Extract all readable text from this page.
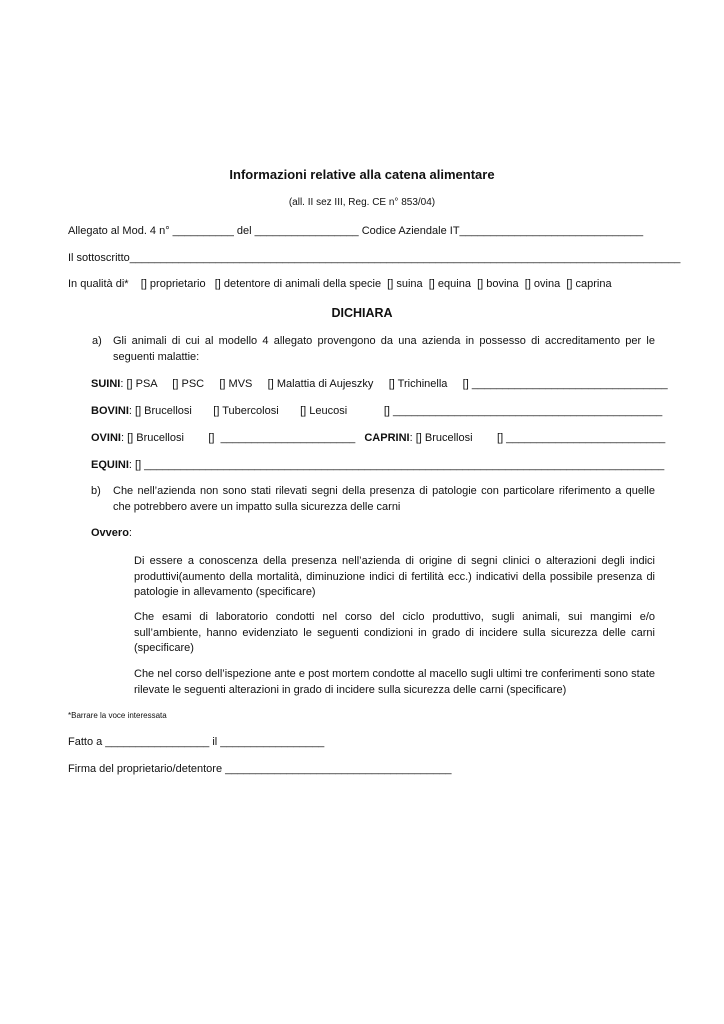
Informazioni relative alla catena alimentare
(all. II sez III, Reg. CE n° 853/04)
Allegato al Mod. 4 n° __________ del _________________ Codice Aziendale IT______________________________
Il sottoscritto__________________________________________________________________________________________
In qualità di*    [] proprietario   [] detentore di animali della specie  [] suina  [] equina  [] bovina  [] ovina  [] caprina
DICHIARA
a) Gli animali di cui al modello 4 allegato provengono da una azienda in possesso di accreditamento per le seguenti malattie:
SUINI: [] PSA     [] PSC     [] MVS     [] Malattia di Aujeszky     [] Trichinella     [] ________________________________
BOVINI: [] Brucellosi       [] Tubercolosi       [] Leucosi            [] ____________________________________________
OVINI: [] Brucellosi        []  ______________________   CAPRINI: [] Brucellosi        [] __________________________
EQUINI: [] _____________________________________________________________________________________
b) Che nell’azienda non sono stati rilevati segni della presenza di patologie con particolare riferimento a quelle che potrebbero avere un impatto sulla sicurezza delle carni
Ovvero:
Di essere a conoscenza della presenza nell’azienda di origine di segni clinici o alterazioni degli indici produttivi(aumento della mortalità, diminuzione indici di fertilità ecc.) indicativi della possibile presenza di patologie in allevamento (specificare)
Che esami di laboratorio condotti nel corso del ciclo produttivo, sugli animali, sui mangimi e/o sull’ambiente, hanno evidenziato le seguenti condizioni in grado di incidere sulla sicurezza delle carni (specificare)
Che nel corso dell’ispezione ante e post mortem condotte al macello sugli ultimi tre conferimenti sono state rilevate le seguenti alterazioni in grado di incidere sulla sicurezza delle carni (specificare)
*Barrare la voce interessata
Fatto a _________________ il _________________
Firma del proprietario/detentore _____________________________________
